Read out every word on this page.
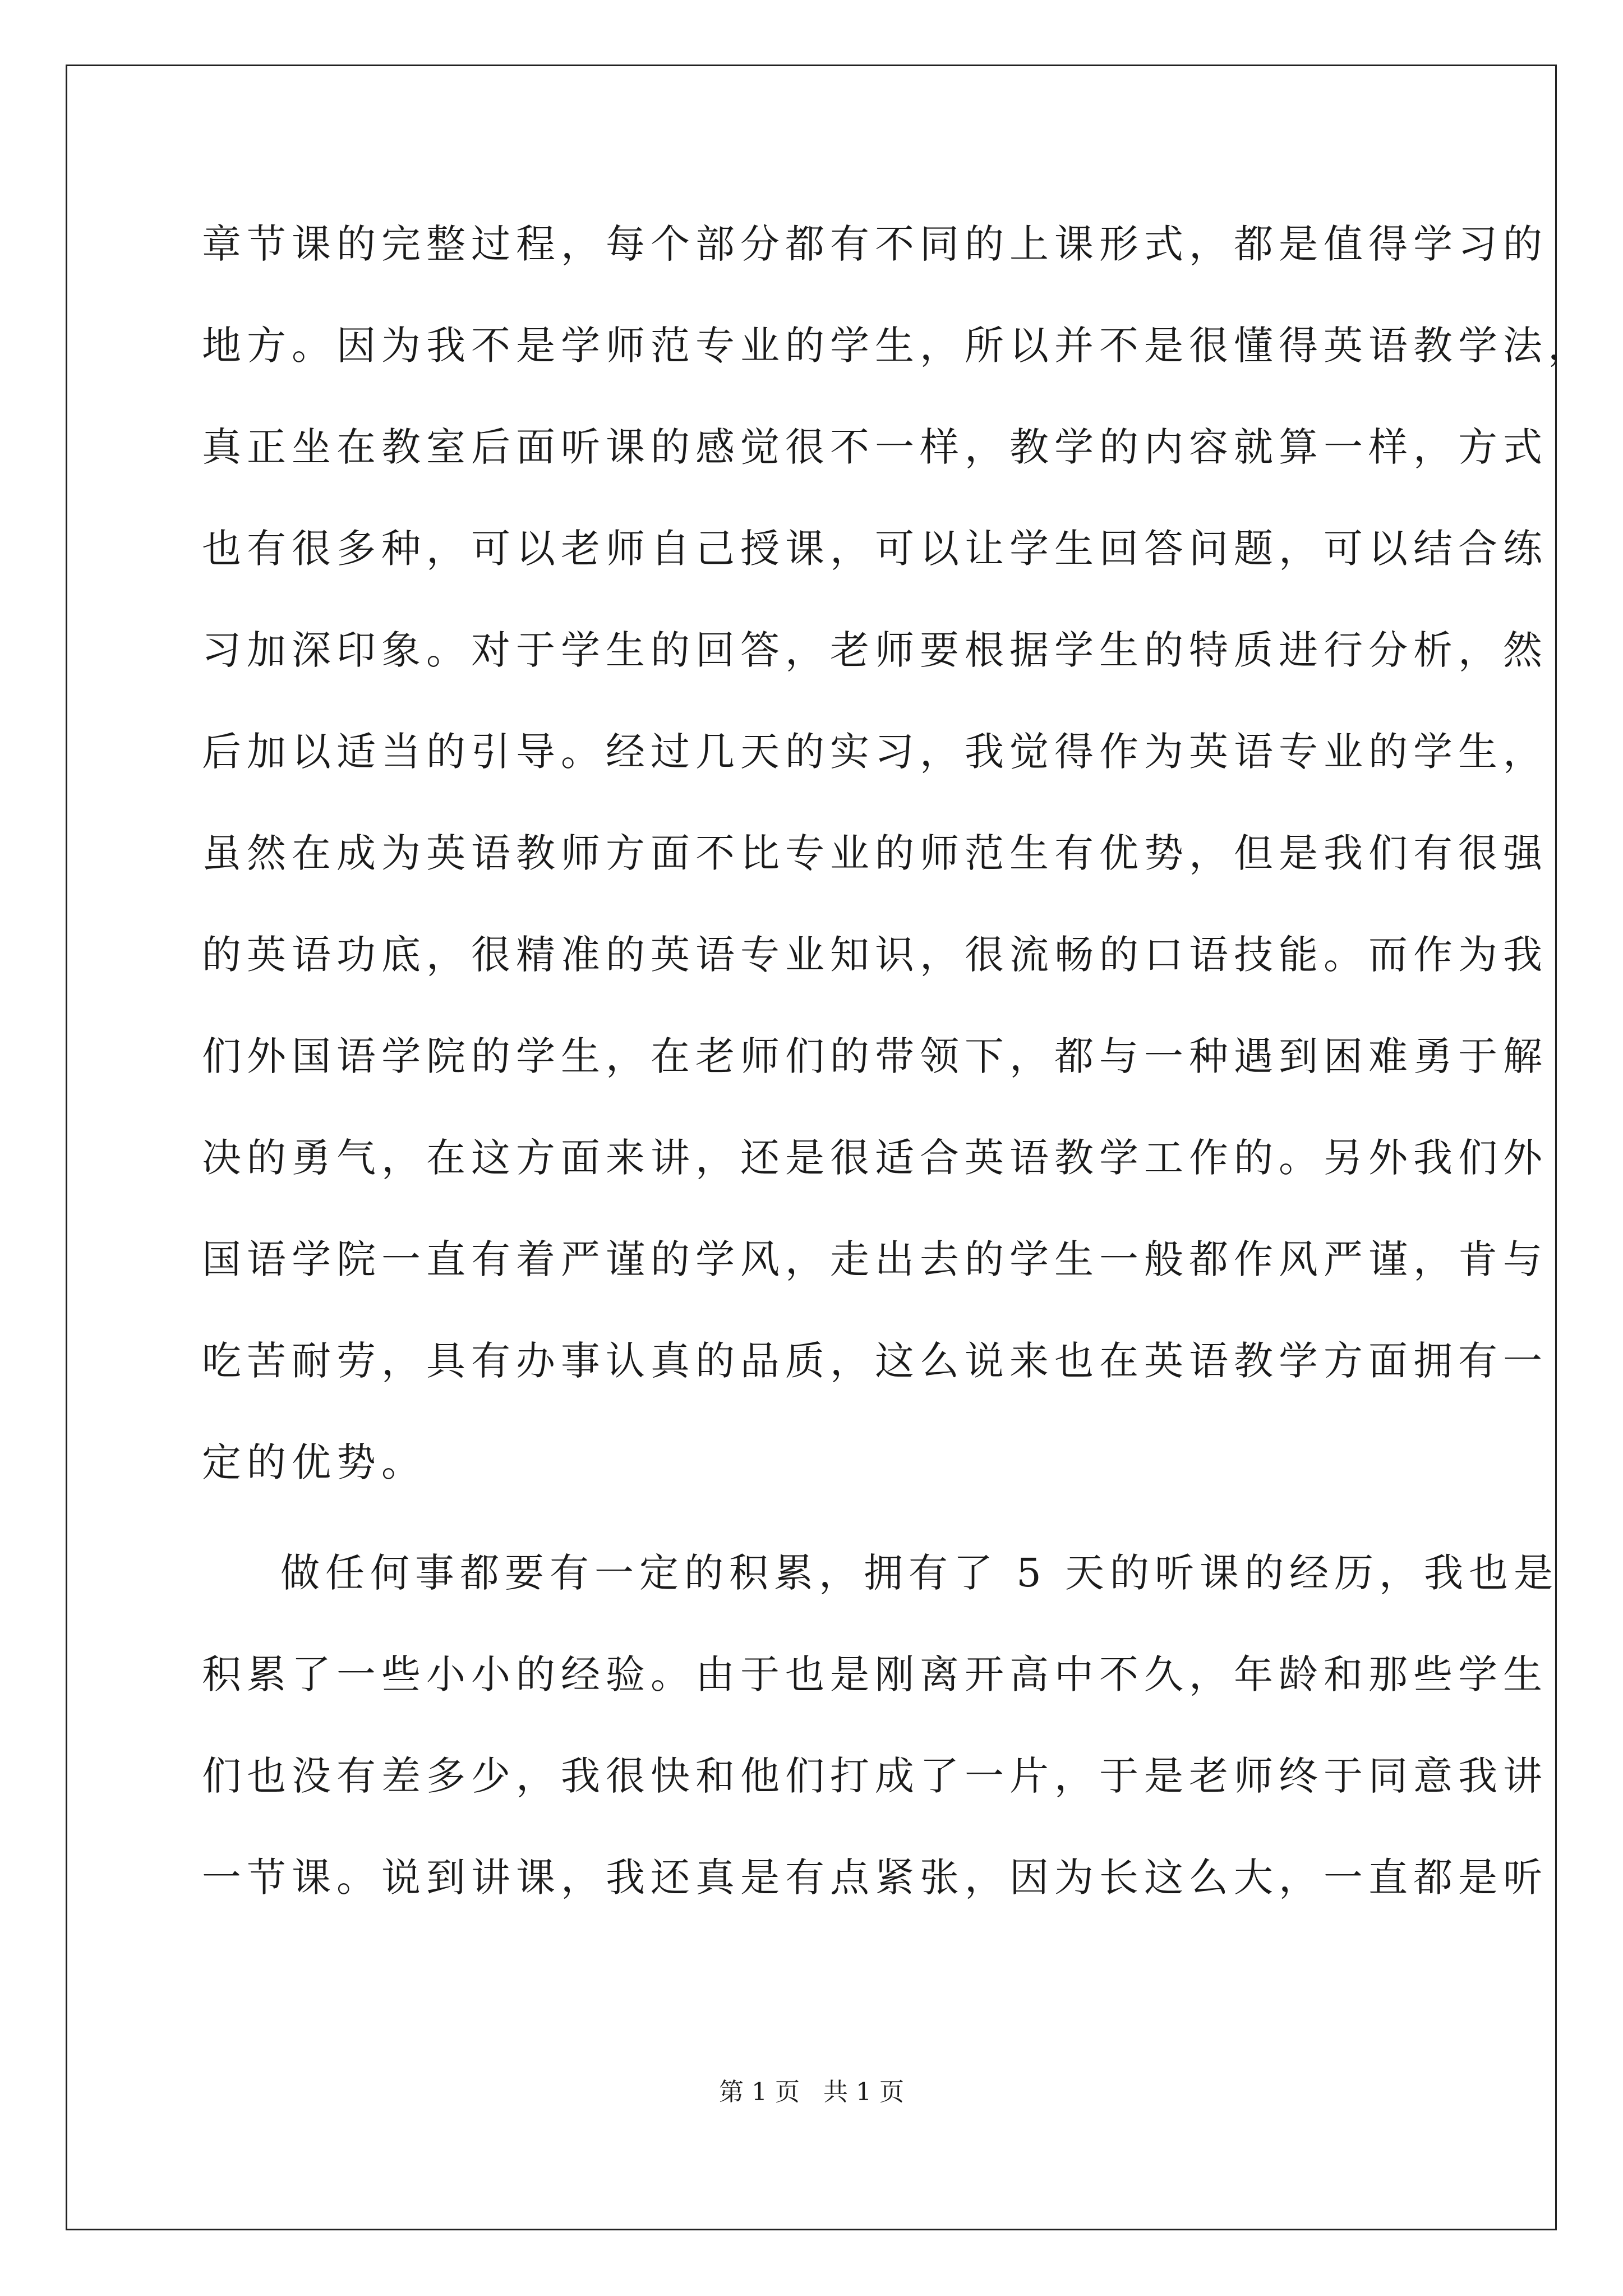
章节课的完整过程，每个部分都有不同的上课形式，都是值得学习的
地方。因为我不是学师范专业的学生，所以并不是很懂得英语教学法，
真正坐在教室后面听课的感觉很不一样，教学的内容就算一样，方式
也有很多种，可以老师自己授课，可以让学生回答问题，可以结合练
习加深印象。对于学生的回答，老师要根据学生的特质进行分析，然
后加以适当的引导。经过几天的实习，我觉得作为英语专业的学生，
虽然在成为英语教师方面不比专业的师范生有优势，但是我们有很强
的英语功底，很精准的英语专业知识，很流畅的口语技能。而作为我
们外国语学院的学生，在老师们的带领下，都与一种遇到困难勇于解
决的勇气，在这方面来讲，还是很适合英语教学工作的。另外我们外
国语学院一直有着严谨的学风，走出去的学生一般都作风严谨，肯与
吃苦耐劳，具有办事认真的品质，这么说来也在英语教学方面拥有一
定的优势。
做任何事都要有一定的积累，拥有了 5 天的听课的经历，我也是
积累了一些小小的经验。由于也是刚离开高中不久，年龄和那些学生
们也没有差多少，我很快和他们打成了一片，于是老师终于同意我讲
一节课。说到讲课，我还真是有点紧张，因为长这么大，一直都是听
第 1 页   共 1 页
